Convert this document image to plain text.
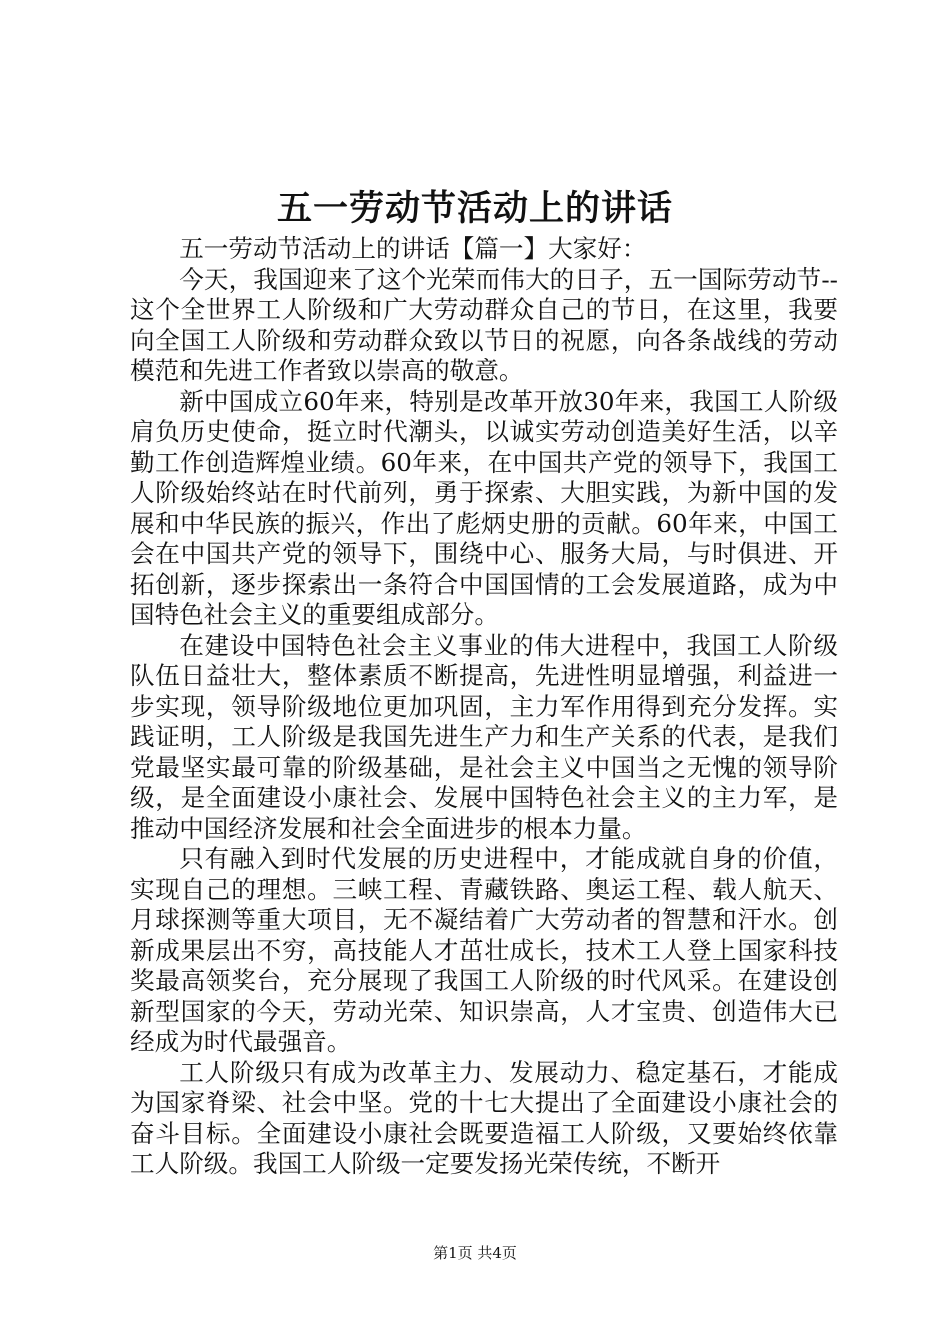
五一劳动节活动上的讲话

五一劳动节活动上的讲话【篇一】大家好：

今天，我国迎来了这个光荣而伟大的日子，五一国际劳动节--这个全世界工人阶级和广大劳动群众自己的节日，在这里，我要向全国工人阶级和劳动群众致以节日的祝愿，向各条战线的劳动模范和先进工作者致以崇高的敬意。

新中国成立60年来，特别是改革开放30年来，我国工人阶级肩负历史使命，挺立时代潮头，以诚实劳动创造美好生活，以辛勤工作创造辉煌业绩。60年来，在中国共产党的领导下，我国工人阶级始终站在时代前列，勇于探索、大胆实践，为新中国的发展和中华民族的振兴，作出了彪炳史册的贡献。60年来，中国工会在中国共产党的领导下，围绕中心、服务大局，与时俱进、开拓创新，逐步探索出一条符合中国国情的工会发展道路，成为中国特色社会主义的重要组成部分。

在建设中国特色社会主义事业的伟大进程中，我国工人阶级队伍日益壮大，整体素质不断提高，先进性明显增强，利益进一步实现，领导阶级地位更加巩固，主力军作用得到充分发挥。实践证明，工人阶级是我国先进生产力和生产关系的代表，是我们党最坚实最可靠的阶级基础，是社会主义中国当之无愧的领导阶级，是全面建设小康社会、发展中国特色社会主义的主力军，是推动中国经济发展和社会全面进步的根本力量。

只有融入到时代发展的历史进程中，才能成就自身的价值，实现自己的理想。三峡工程、青藏铁路、奥运工程、载人航天、月球探测等重大项目，无不凝结着广大劳动者的智慧和汗水。创新成果层出不穷，高技能人才茁壮成长，技术工人登上国家科技奖最高领奖台，充分展现了我国工人阶级的时代风采。在建设创新型国家的今天，劳动光荣、知识崇高，人才宝贵、创造伟大已经成为时代最强音。

工人阶级只有成为改革主力、发展动力、稳定基石，才能成为国家脊梁、社会中坚。党的十七大提出了全面建设小康社会的奋斗目标。全面建设小康社会既要造福工人阶级，又要始终依靠工人阶级。我国工人阶级一定要发扬光荣传统，不断开

第1页 共4页
